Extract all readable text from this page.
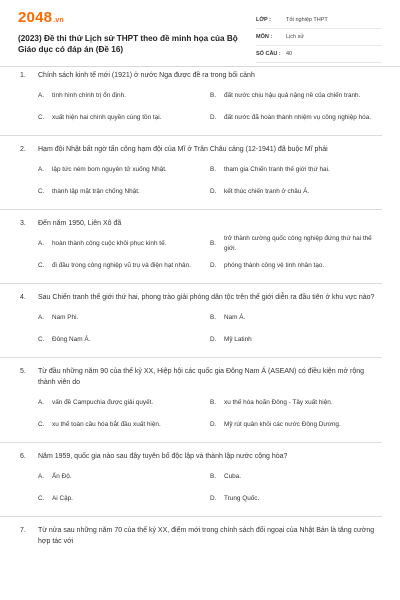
2048.vn
(2023) Đề thi thử Lịch sử THPT theo đề minh họa của Bộ Giáo dục có đáp án (Đề 16)
LỚP :	Tốt nghiệp THPT
MÔN :	Lịch sử
SỐ CÂU : 40
1. Chính sách kinh tế mới (1921) ở nước Nga được đề ra trong bối cảnh
A. tình hình chính trị ổn định.	B. đất nước chịu hậu quả nặng nề của chiến tranh.
C. xuất hiện hai chính quyền cùng tồn tại.	D. đất nước đã hoàn thành nhiệm vụ công nghiệp hóa.
2. Hạm đội Nhật bất ngờ tấn công hạm đội của Mĩ ở Trân Châu cảng (12-1941) đã buộc Mĩ phải
A. lập tức ném bom nguyên tử xuống Nhật.	B. tham gia Chiến tranh thế giới thứ hai.
C. thành lập mặt trận chống Nhật.	D. kết thúc chiến tranh ở châu Á.
3. Đến năm 1950, Liên Xô đã
A. hoàn thành công cuộc khôi phục kinh tế.	B.
trở thành cường quốc công nghiệp đứng thứ hai thế giới.
C. đi đầu trong công nghiệp vũ trụ và điện hạt nhân.	D. phóng thành công vệ tinh nhân tạo.
4. Sau Chiến tranh thế giới thứ hai, phong trào giải phóng dân tộc trên thế giới diễn ra đầu tiên ở khu vực nào?
A. Nam Phi.	B. Nam Á.
C. Đông Nam Á.	D. Mỹ Latinh
5. Từ đầu những năm 90 của thế kỷ XX, Hiệp hội các quốc gia Đông Nam Á (ASEAN) có điều kiện mở rộng thành viên do
A. vấn đề Campuchia được giải quyết.	B. xu thế hòa hoãn Đông - Tây xuất hiện.
C. xu thế toàn cầu hóa bắt đầu xuất hiện.	D. Mỹ rút quân khỏi các nước Đông Dương.
6. Năm 1959, quốc gia nào sau đây tuyên bố độc lập và thành lập nước cộng hòa?
A. Ấn Độ.	B. Cuba.
C. Ai Cập.	D. Trung Quốc.
7. Từ nửa sau những năm 70 của thế kỷ XX, điểm mới trong chính sách đối ngoại của Nhật Bản là tăng cường hợp tác với
